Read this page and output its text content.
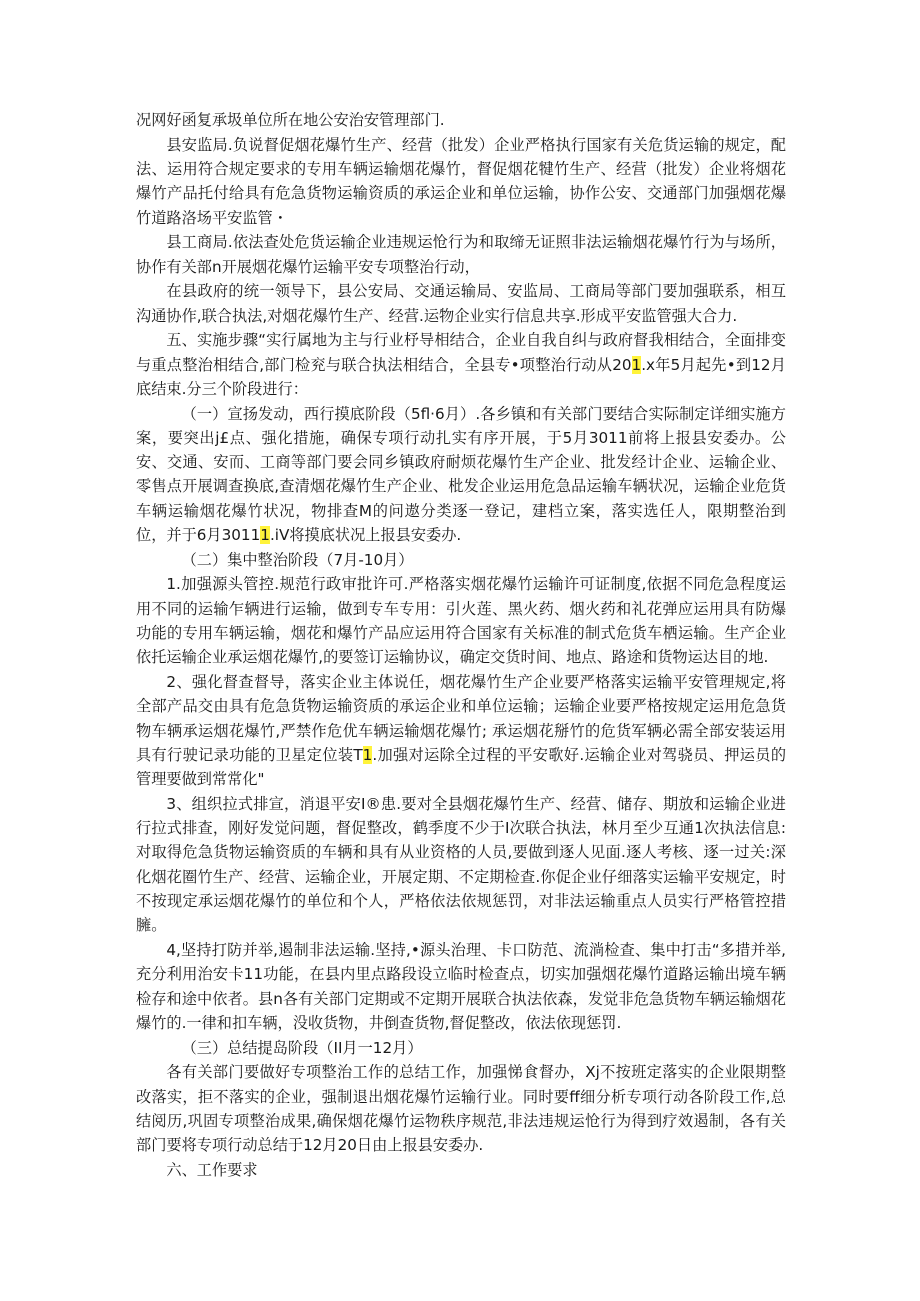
况网好函复承圾单位所在地公安治安管理部门.

县安监局.负说督促烟花爆竹生产、经营（批发）企业严格执行国家有关危货运输的规定，配法、运用符合规定要求的专用车辆运输烟花爆竹，督促烟花犍竹生产、经营（批发）企业将烟花爆竹产品托付给具有危急货物运输资质的承运企业和单位运输，协作公安、交通部门加强烟花爆竹道路洛场平安监管・

县工商局.依法查处危货运输企业违规运怆行为和取缔无证照非法运输烟花爆竹行为与场所，协作有关部n开展烟花爆竹运输平安专项整治行动，

在县政府的统一领导下，县公安局、交通运输局、安监局、工商局等部门要加强联系，相互沟通协作,联合执法,对烟花爆竹生产、经营.运物企业实行信息共享.形成平安监管强大合力.

五、实施步骤“实行属地为主与行业杼导相结合，企业自我自纠与政府督我相结合，全面排变与重点整治相结合,部门检兖与联合执法相结合，全县专•项整治行动从201.x年5月起先•到12月底结束.分三个阶段进行：

（一）宣扬发动，西行摸底阶段（5fl·6月）.各乡镇和有关部门要结合实际制定详细实施方案，要突出j£点、强化措施，确保专项行动扎实有序开展，于5月3011前将上报县安委办。公安、交通、安而、工商等部门要会同乡镇政府耐烦花爆竹生产企业、批发经计企业、运输企业、零售点开展调查换底,查清烟花爆竹生产企业、枇发企业运用危急品运输车辆状况，运输企业危货车辆运输烟花爆竹状况，物排查M的问遨分类逐一登记，建档立案，落实选任人，限期整治到位，并于6月30111.iV将摸底状况上报县安委办.

（二）集中整治阶段（7月-10月）

1.加强源头管控.规范行政审批许可.严格落实烟花爆竹运输许可证制度,依据不同危急程度运用不同的运输乍辆进行运输，做到专车专用：引火莲、黑火药、烟火药和礼花弹应运用具有防爆功能的专用车辆运输，烟花和爆竹产品应运用符合国家有关标准的制式危货车栖运输。生产企业依托运输企业承运烟花爆竹,的要签订运输协议，确定交货时间、地点、路途和货物运达目的地.

2、强化督查督导，落实企业主体说任，烟花爆竹生产企业要严格落实运输平安管理规定,将全部产品交由具有危急货物运输资质的承运企业和单位运输；运输企业要严格按规定运用危急货物车辆承运烟花爆竹,严禁作危优车辆运输烟花爆竹; 承运烟花掰竹的危货军辆必需全部安装运用具有行驶记录功能的卫星定位装T1.加强对运除全过程的平安歌好.运输企业对驾骁员、押运员的管理要做到常常化"

3、组织拉式排宣，消退平安I®患.要对全县烟花爆竹生产、经营、储存、期放和运输企业进行拉式排查，刚好发觉问题，督促整改，鹤季度不少于I次联合执法，林月至少互通1次执法信息:对取得危急货物运输资质的车辆和具有从业资格的人员,要做到逐人见面.逐人考核、逐一过关:深化烟花圈竹生产、经营、运输企业，开展定期、不定期检查.你促企业仔细落实运输平安规定，时不按现定承运烟花爆竹的单位和个人，严格依法依规惩罚，对非法运输重点人员实行严格管控措臃。

4,坚持打防并举,遏制非法运输.坚持,•源头治理、卡口防范、流淌检查、集中打击“多措并举,充分利用治安卡11功能，在县内里点路段设立临时检查点，切实加强烟花爆竹道路运输出境车辆检存和途中依者。县n各有关部门定期或不定期开展联合执法依森，发觉非危急货物车辆运输烟花爆竹的.一律和扣车辆，没收货物，井倒查货物,督促整改，依法依现惩罚.

（三）总结提岛阶段（II月一12月）

各有关部门要做好专项整治工作的总结工作，加强悌食督办，Xj不按班定落实的企业限期整改落实，拒不落实的企业，强制退出烟花爆竹运输行业。同时要ff细分析专项行动各阶段工作,总结阅历,巩固专项整治成果,确保烟花爆竹运物秩序规范,非法违规运怆行为得到疗效遏制，各有关部门要将专项行动总结于12月20日由上报县安委办.

六、工作要求
